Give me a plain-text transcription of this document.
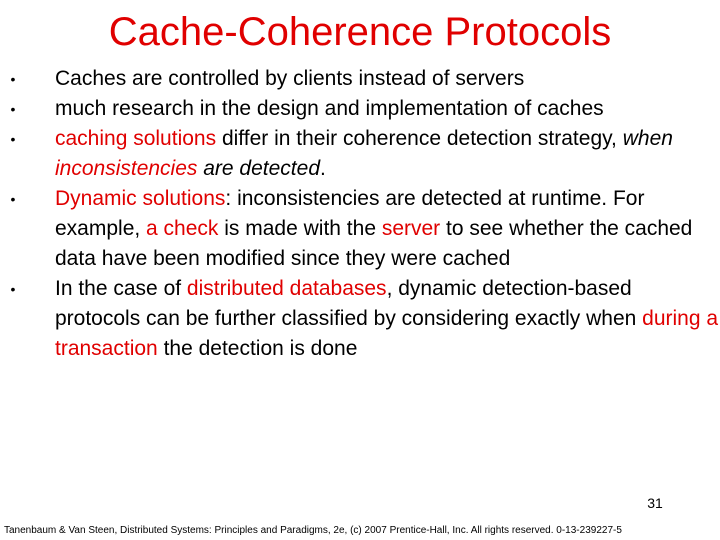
Cache-Coherence Protocols
• Caches are controlled by clients instead of servers
• much research in the design and implementation of caches
• caching solutions differ in their coherence detection strategy, when inconsistencies are detected.
• Dynamic solutions: inconsistencies are detected at runtime. For example, a check is made with the server to see whether the cached data have been modified since they were cached
• In the case of distributed databases, dynamic detection-based protocols can be further classified by considering exactly when during a transaction the detection is done
31
Tanenbaum & Van Steen, Distributed Systems: Principles and Paradigms, 2e, (c) 2007 Prentice-Hall, Inc. All rights reserved. 0-13-239227-5
